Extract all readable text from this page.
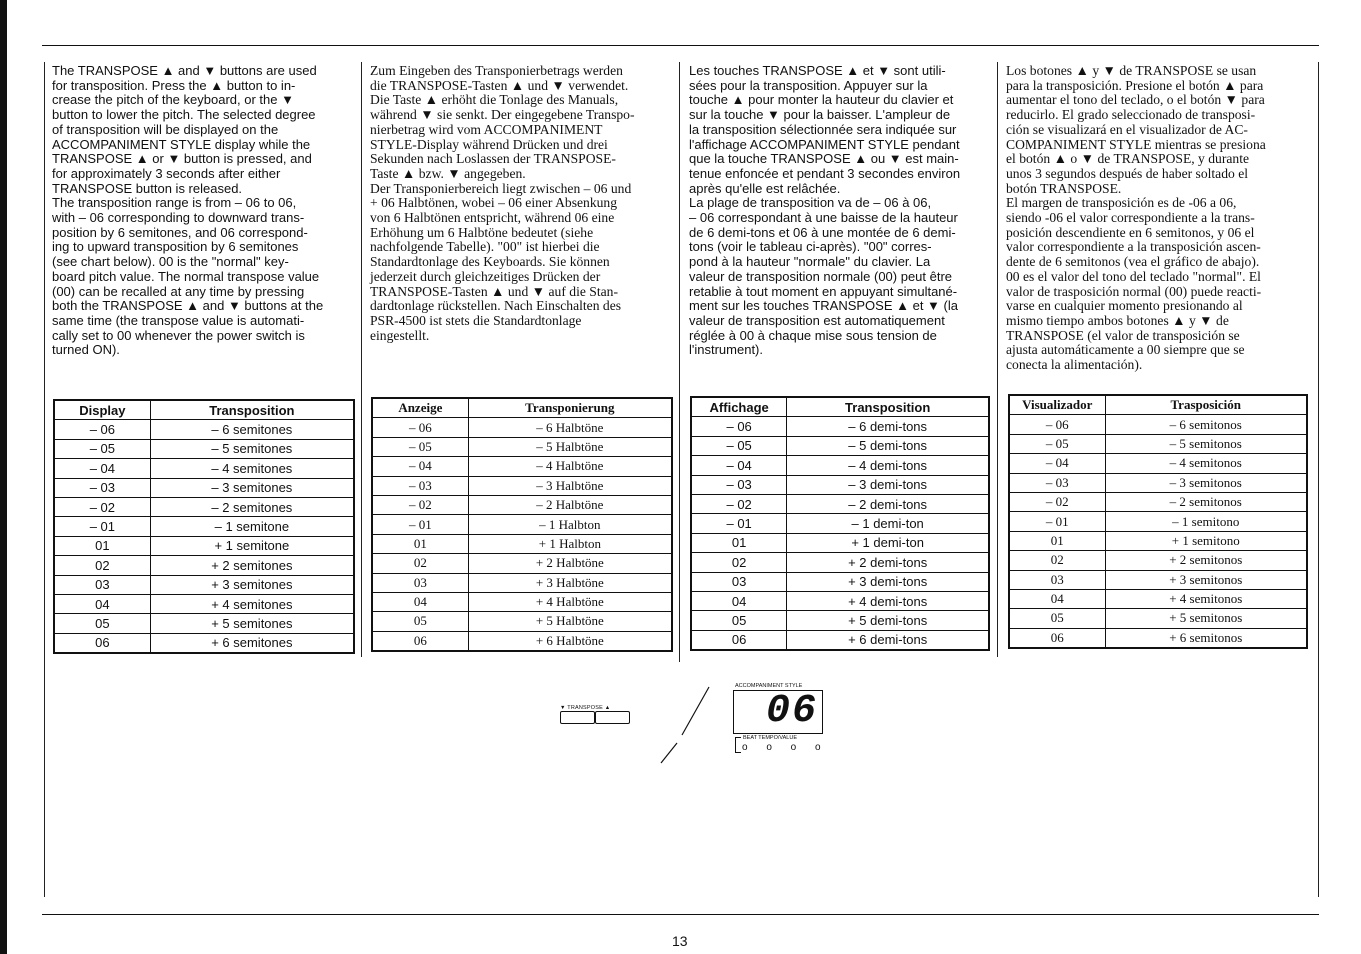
The TRANSPOSE ▲ and ▼ buttons are used

for transposition. Press the ▲ button to in-

crease the pitch of the keyboard, or the ▼

button to lower the pitch. The selected degree

of transposition will be displayed on the

ACCOMPANIMENT STYLE display while the

TRANSPOSE ▲ or ▼ button is pressed, and

for approximately 3 seconds after either

TRANSPOSE button is released.

The transposition range is from – 06 to 06,

with – 06 corresponding to downward trans-

position by 6 semitones, and 06 correspond-

ing to upward transposition by 6 semitones

(see chart below). 00 is the "normal" key-

board pitch value. The normal transpose value

(00) can be recalled at any time by pressing

both the TRANSPOSE ▲ and ▼ buttons at the

same time (the transpose value is automati-

cally set to 00 whenever the power switch is

turned ON).

Zum Eingeben des Transponierbetrags werden

die TRANSPOSE-Tasten ▲ und ▼ verwendet.

Die Taste ▲ erhöht die Tonlage des Manuals,

während ▼ sie senkt. Der eingegebene Transpo-

nierbetrag wird vom ACCOMPANIMENT

STYLE-Display während Drücken und drei

Sekunden nach Loslassen der TRANSPOSE-

Taste ▲ bzw. ▼ angegeben.

Der Transponierbereich liegt zwischen – 06 und

+ 06 Halbtönen, wobei – 06 einer Absenkung

von 6 Halbtönen entspricht, während 06 eine

Erhöhung um 6 Halbtöne bedeutet (siehe

nachfolgende Tabelle). "00" ist hierbei die

Standardtonlage des Keyboards. Sie können

jederzeit durch gleichzeitiges Drücken der

TRANSPOSE-Tasten ▲ und ▼ auf die Stan-

dardtonlage rückstellen. Nach Einschalten des

PSR-4500 ist stets die Standardtonlage

eingestellt.

Les touches TRANSPOSE ▲ et ▼ sont utili-

sées pour la transposition. Appuyer sur la

touche ▲ pour monter la hauteur du clavier et

sur la touche ▼ pour la baisser. L'ampleur de

la transposition sélectionnée sera indiquée sur

l'affichage ACCOMPANIMENT STYLE pendant

que la touche TRANSPOSE ▲ ou ▼ est main-

tenue enfoncée et pendant 3 secondes environ

après qu'elle est relâchée.

La plage de transposition va de – 06 à 06,

– 06 correspondant à une baisse de la hauteur

de 6 demi-tons et 06 à une montée de 6 demi-

tons (voir le tableau ci-après). "00" corres-

pond à la hauteur "normale" du clavier. La

valeur de transposition normale (00) peut être

retablie à tout moment en appuyant simultané-

ment sur les touches TRANSPOSE ▲ et ▼ (la

valeur de transposition est automatiquement

réglée à 00 à chaque mise sous tension de

l'instrument).

Los botones ▲ y ▼ de TRANSPOSE se usan

para la transposición. Presione el botón ▲ para

aumentar el tono del teclado, o el botón ▼ para

reducirlo. El grado seleccionado de transposi-

ción se visualizará en el visualizador de AC-

COMPANIMENT STYLE mientras se presiona

el botón ▲ o ▼ de TRANSPOSE, y durante

unos 3 segundos después de haber soltado el

botón TRANSPOSE.

El margen de transposición es de -06 a 06,

siendo -06 el valor correspondiente a la trans-

posición descendiente en 6 semitonos, y 06 el

valor correspondiente a la transposición ascen-

dente de 6 semitonos (vea el gráfico de abajo).

00 es el valor del tono del teclado "normal". El

valor de trasposición normal (00) puede reacti-

varse en cualquier momento presionando al

mismo tiempo ambos botones ▲ y ▼ de

TRANSPOSE (el valor de transposición se

ajusta automáticamente a 00 siempre que se

conecta la alimentación).

Display	Transposition
– 06	– 6 semitones
– 05	– 5 semitones
– 04	– 4 semitones
– 03	– 3 semitones
– 02	– 2 semitones
– 01	– 1 semitone
01	+ 1 semitone
02	+ 2 semitones
03	+ 3 semitones
04	+ 4 semitones
05	+ 5 semitones
06	+ 6 semitones
Anzeige	Transponierung
– 06	– 6 Halbtöne
– 05	– 5 Halbtöne
– 04	– 4 Halbtöne
– 03	– 3 Halbtöne
– 02	– 2 Halbtöne
– 01	– 1 Halbton
01	+ 1 Halbton
02	+ 2 Halbtöne
03	+ 3 Halbtöne
04	+ 4 Halbtöne
05	+ 5 Halbtöne
06	+ 6 Halbtöne
Affichage	Transposition
– 06	– 6 demi-tons
– 05	– 5 demi-tons
– 04	– 4 demi-tons
– 03	– 3 demi-tons
– 02	– 2 demi-tons
– 01	– 1 demi-ton
01	+ 1 demi-ton
02	+ 2 demi-tons
03	+ 3 demi-tons
04	+ 4 demi-tons
05	+ 5 demi-tons
06	+ 6 demi-tons
Visualizador	Trasposición
– 06	– 6 semitonos
– 05	– 5 semitonos
– 04	– 4 semitonos
– 03	– 3 semitonos
– 02	– 2 semitonos
– 01	– 1 semitono
01	+ 1 semitono
02	+ 2 semitonos
03	+ 3 semitonos
04	+ 4 semitonos
05	+ 5 semitonos
06	+ 6 semitonos
▼ TRANSPOSE ▲
ACCOMPANIMENT STYLE
06
BEAT TEMPO/VALUE
o o o o
13
